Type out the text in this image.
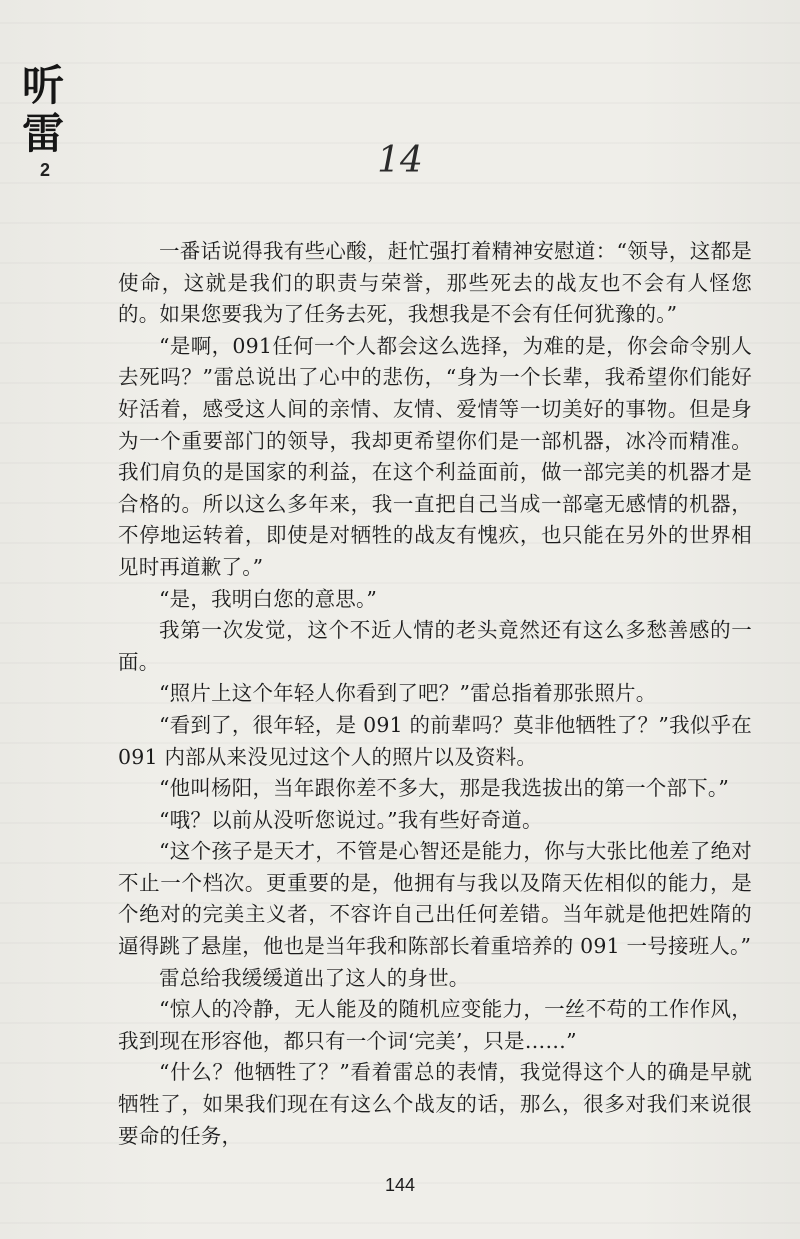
听
雷
2	14

一番话说得我有些心酸，赶忙强打着精神安慰道：“领导，这都是使命，这就是我们的职责与荣誉，那些死去的战友也不会有人怪您的。如果您要我为了任务去死，我想我是不会有任何犹豫的。”

“是啊，091任何一个人都会这么选择，为难的是，你会命令别人去死吗？”雷总说出了心中的悲伤，“身为一个长辈，我希望你们能好好活着，感受这人间的亲情、友情、爱情等一切美好的事物。但是身为一个重要部门的领导，我却更希望你们是一部机器，冰冷而精准。我们肩负的是国家的利益，在这个利益面前，做一部完美的机器才是合格的。所以这么多年来，我一直把自己当成一部毫无感情的机器，不停地运转着，即使是对牺牲的战友有愧疚，也只能在另外的世界相见时再道歉了。”

“是，我明白您的意思。”

我第一次发觉，这个不近人情的老头竟然还有这么多愁善感的一面。

“照片上这个年轻人你看到了吧？”雷总指着那张照片。

“看到了，很年轻，是 091 的前辈吗？莫非他牺牲了？”我似乎在 091 内部从来没见过这个人的照片以及资料。

“他叫杨阳，当年跟你差不多大，那是我选拔出的第一个部下。”

“哦？以前从没听您说过。”我有些好奇道。

“这个孩子是天才，不管是心智还是能力，你与大张比他差了绝对不止一个档次。更重要的是，他拥有与我以及隋天佐相似的能力，是个绝对的完美主义者，不容许自己出任何差错。当年就是他把姓隋的逼得跳了悬崖，他也是当年我和陈部长着重培养的 091 一号接班人。”

雷总给我缓缓道出了这人的身世。

“惊人的冷静，无人能及的随机应变能力，一丝不苟的工作作风，我到现在形容他，都只有一个词‘完美’，只是……”

“什么？他牺牲了？”看着雷总的表情，我觉得这个人的确是早就牺牲了，如果我们现在有这么个战友的话，那么，很多对我们来说很要命的任务，

144
